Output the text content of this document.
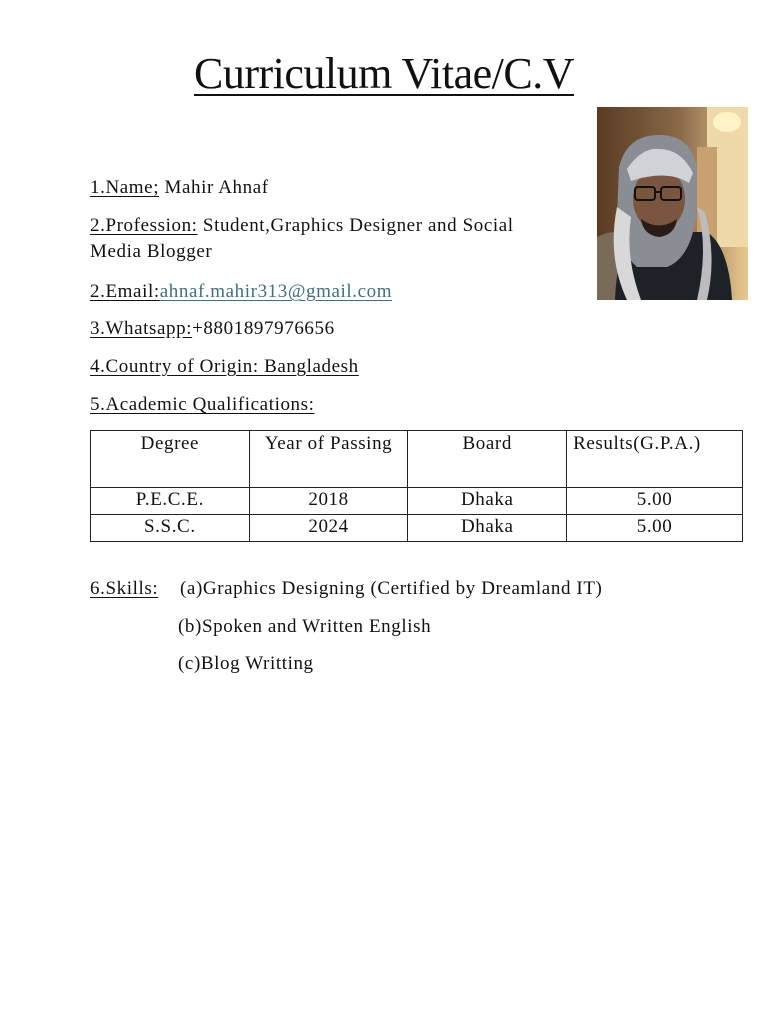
Curriculum Vitae/C.V
1.Name; Mahir Ahnaf
2.Profession: Student,Graphics Designer and Social
Media Blogger
2.Email:ahnaf.mahir313@gmail.com
3.Whatsapp:+8801897976656
4.Country of Origin: Bangladesh
5.Academic Qualifications:
Degree	Year of Passing	Board	Results(G.P.A.)
P.E.C.E.	2018	Dhaka	5.00
S.S.C.	2024	Dhaka	5.00
6.Skills: (a)Graphics Designing (Certified by Dreamland IT)
(b)Spoken and Written English
(c)Blog Writting
